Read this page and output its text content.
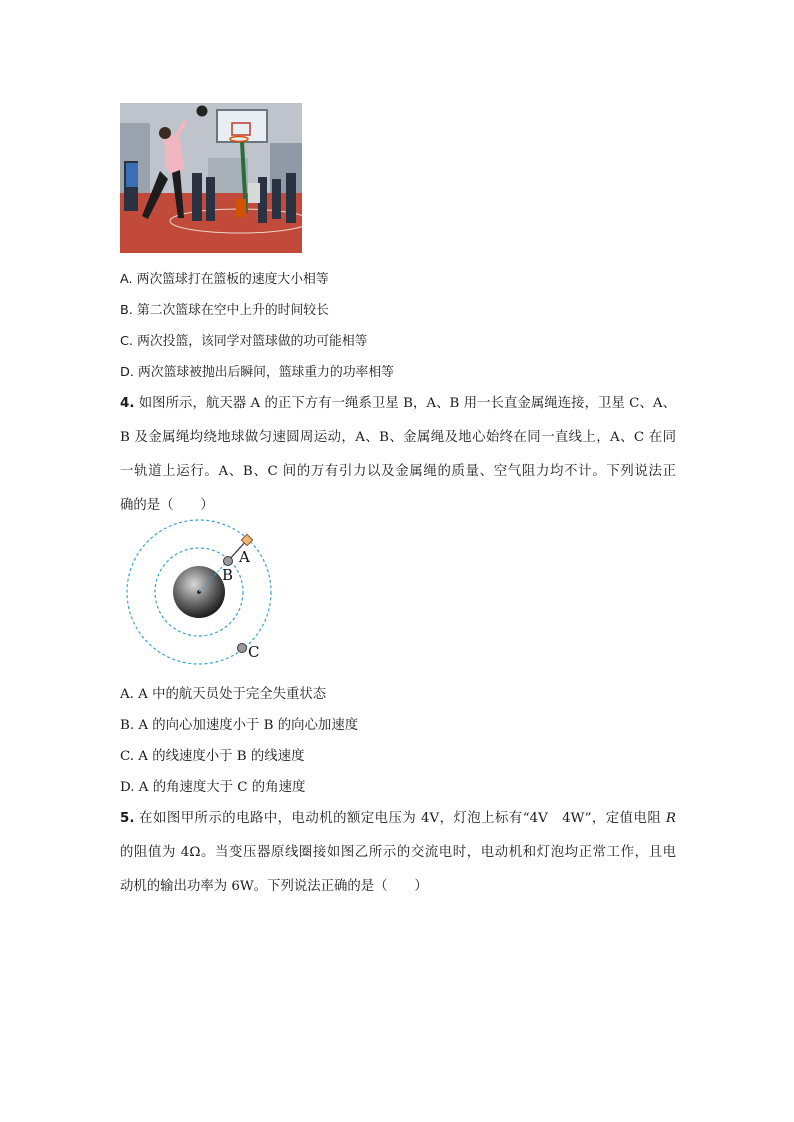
A. 两次篮球打在篮板的速度大小相等
B. 第二次篮球在空中上升的时间较长
C. 两次投篮，该同学对篮球做的功可能相等
D. 两次篮球被抛出后瞬间，篮球重力的功率相等
4. 如图所示，航天器 A 的正下方有一绳系卫星 B，A、B 用一长直金属绳连接，卫星 C、A、
B 及金属绳均绕地球做匀速圆周运动，A、B、金属绳及地心始终在同一直线上，A、C 在同
一轨道上运行。A、B、C 间的万有引力以及金属绳的质量、空气阻力均不计。下列说法正
确的是（　　）
A
B
C
A. A 中的航天员处于完全失重状态
B. A 的向心加速度小于 B 的向心加速度
C. A 的线速度小于 B 的线速度
D. A 的角速度大于 C 的角速度
5. 在如图甲所示的电路中，电动机的额定电压为 4V，灯泡上标有“4V　4W”，定值电阻 R
的阻值为 4Ω。当变压器原线圈接如图乙所示的交流电时，电动机和灯泡均正常工作，且电
动机的输出功率为 6W。下列说法正确的是（　　）
